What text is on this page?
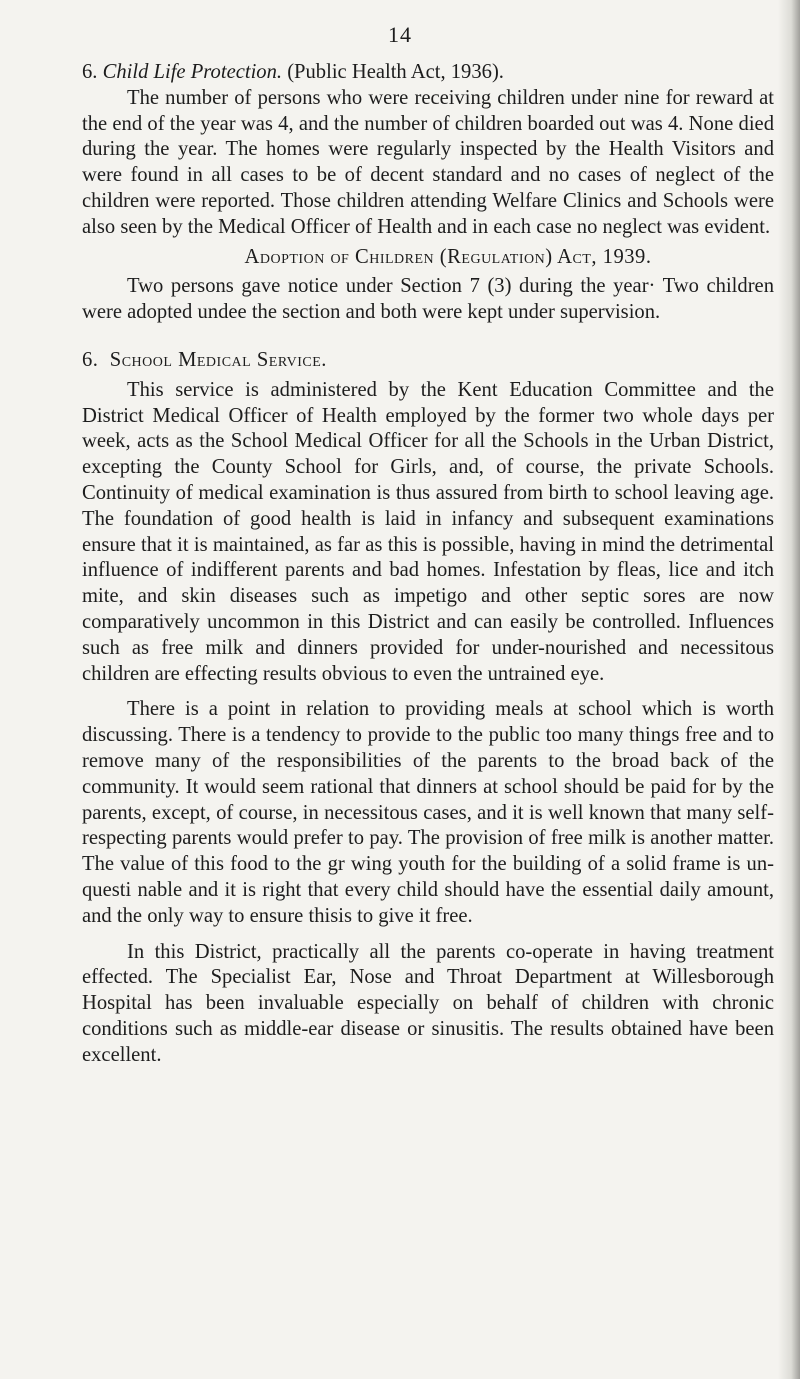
14

6. Child Life Protection. (Public Health Act, 1936).

The number of persons who were receiving children under nine for reward at the end of the year was 4, and the number of children boarded out was 4. None died during the year. The homes were regularly inspected by the Health Visitors and were found in all cases to be of decent standard and no cases of neglect of the children were reported. Those children attending Welfare Clinics and Schools were also seen by the Medical Officer of Health and in each case no neglect was evident.

Adoption of Children (Regulation) Act, 1939.

Two persons gave notice under Section 7 (3) during the year· Two children were adopted undee the section and both were kept under supervision.

6. School Medical Service.

This service is administered by the Kent Education Committee and the District Medical Officer of Health employed by the former two whole days per week, acts as the School Medical Officer for all the Schools in the Urban District, excepting the County School for Girls, and, of course, the private Schools. Continuity of medical examination is thus assured from birth to school leaving age. The foundation of good health is laid in infancy and subsequent examinations ensure that it is maintained, as far as this is possible, having in mind the detrimental influence of indifferent parents and bad homes. Infestation by fleas, lice and itch mite, and skin diseases such as impetigo and other septic sores are now comparatively uncommon in this District and can easily be controlled. Influences such as free milk and dinners provided for under-nourished and necessitous children are effecting results obvious to even the untrained eye.

There is a point in relation to providing meals at school which is worth discussing. There is a tendency to provide to the public too many things free and to remove many of the responsibilities of the parents to the broad back of the community. It would seem rational that dinners at school should be paid for by the parents, except, of course, in necessitous cases, and it is well known that many self-respecting parents would prefer to pay. The provision of free milk is another matter. The value of this food to the gr wing youth for the building of a solid frame is un- questi nable and it is right that every child should have the essential daily amount, and the only way to ensure thisis to give it free.

In this District, practically all the parents co-operate in having treatment effected. The Specialist Ear, Nose and Throat Department at Willesborough Hospital has been invaluable especially on behalf of children with chronic conditions such as middle-ear disease or sinusitis. The results obtained have been excellent.
